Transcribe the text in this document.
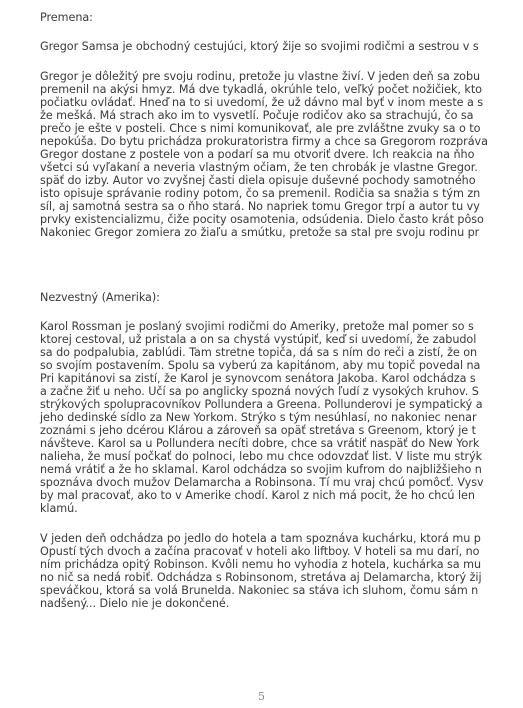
Premena:
Gregor Samsa je obchodný cestujúci, ktorý žije so svojimi rodičmi a sestrou v s
Gregor je dôležitý pre svoju rodinu, pretože ju vlastne živí. V jeden deň sa zobu
premenil na akýsi hmyz. Má dve tykadlá, okrúhle telo, veľký počet nožičiek, kto
počiatku ovládať. Hneď na to si uvedomí, že už dávno mal byť v inom meste a s
že mešká. Má strach ako im to vysvetlí. Počuje rodičov ako sa strachujú, čo sa
prečo je ešte v posteli. Chce s nimi komunikovať, ale pre zvláštne zvuky sa o to
nepokúša. Do bytu prichádza prokuratoristra firmy a chce sa Gregorom rozpráva
Gregor dostane z postele von a podarí sa mu otvoriť dvere. Ich reakcia na ňho
všetci sú vyľakaní a neveria vlastným očiam, že ten chrobák je vlastne Gregor.
späť do izby. Autor vo zvyšnej časti diela opisuje duševné pochody samotného
isto opisuje správanie rodiny potom, čo sa premenil. Rodičia sa snažia s tým zn
síl, aj samotná sestra sa o ňho stará. No napriek tomu Gregor trpí a autor tu vy
prvky existencializmu, čiže pocity osamotenia, odsúdenia. Dielo často krát pôso
Nakoniec Gregor zomiera zo žiaľu a smútku, pretože sa stal pre svoju rodinu pr
Nezvestný (Amerika):
Karol Rossman je poslaný svojimi rodičmi do Ameriky, pretože mal pomer so s
ktorej cestoval, už pristala a on sa chystá vystúpiť, keď si uvedomí, že zabudol
sa do podpalubia, zablúdi. Tam stretne topiča, dá sa s ním do reči a zistí, že on
so svojím postavením. Spolu sa vyberú za kapitánom, aby mu topič povedal na
Pri kapitánovi sa zistí, že Karol je synovcom senátora Jakoba. Karol odchádza s
a začne žiť u neho. Učí sa po anglicky spozná nových ľudí z vysokých kruhov. S
strýkových spolupracovníkov Pollundera a Greena. Pollunderovi je sympatický a
jeho dedinské sídlo za New Yorkom. Strýko s tým nesúhlasí, no nakoniec nenar
zoznámi s jeho dcérou Klárou a zároveň sa opäť stretáva s Greenom, ktorý je t
návšteve. Karol sa u Pollundera necíti dobre, chce sa vrátiť naspäť do New York
nalieha, že musí počkať do polnoci, lebo mu chce odovzdať list. V liste mu strýk
nemá vrátiť a že ho sklamal. Karol odchádza so svojim kufrom do najbližšieho n
spoznáva dvoch mužov Delamarcha a Robinsona. Tí mu vraj chcú pomôcť. Vysv
by mal pracovať, ako to v Amerike chodí. Karol z nich má pocit, že ho chcú len
klamú.
V jeden deň odchádza po jedlo do hotela a tam spoznáva kuchárku, ktorá mu p
Opustí tých dvoch a začína pracovať v hoteli ako liftboy. V hoteli sa mu darí, no
ním prichádza opitý Robinson. Kvôli nemu ho vyhodia z hotela, kuchárka sa mu
no nič sa nedá robiť. Odchádza s Robinsonom, stretáva aj Delamarcha, ktorý žij
speváčkou, ktorá sa volá Brunelda. Nakoniec sa stáva ich sluhom, čomu sám n
nadšený... Dielo nie je dokončené.
5
